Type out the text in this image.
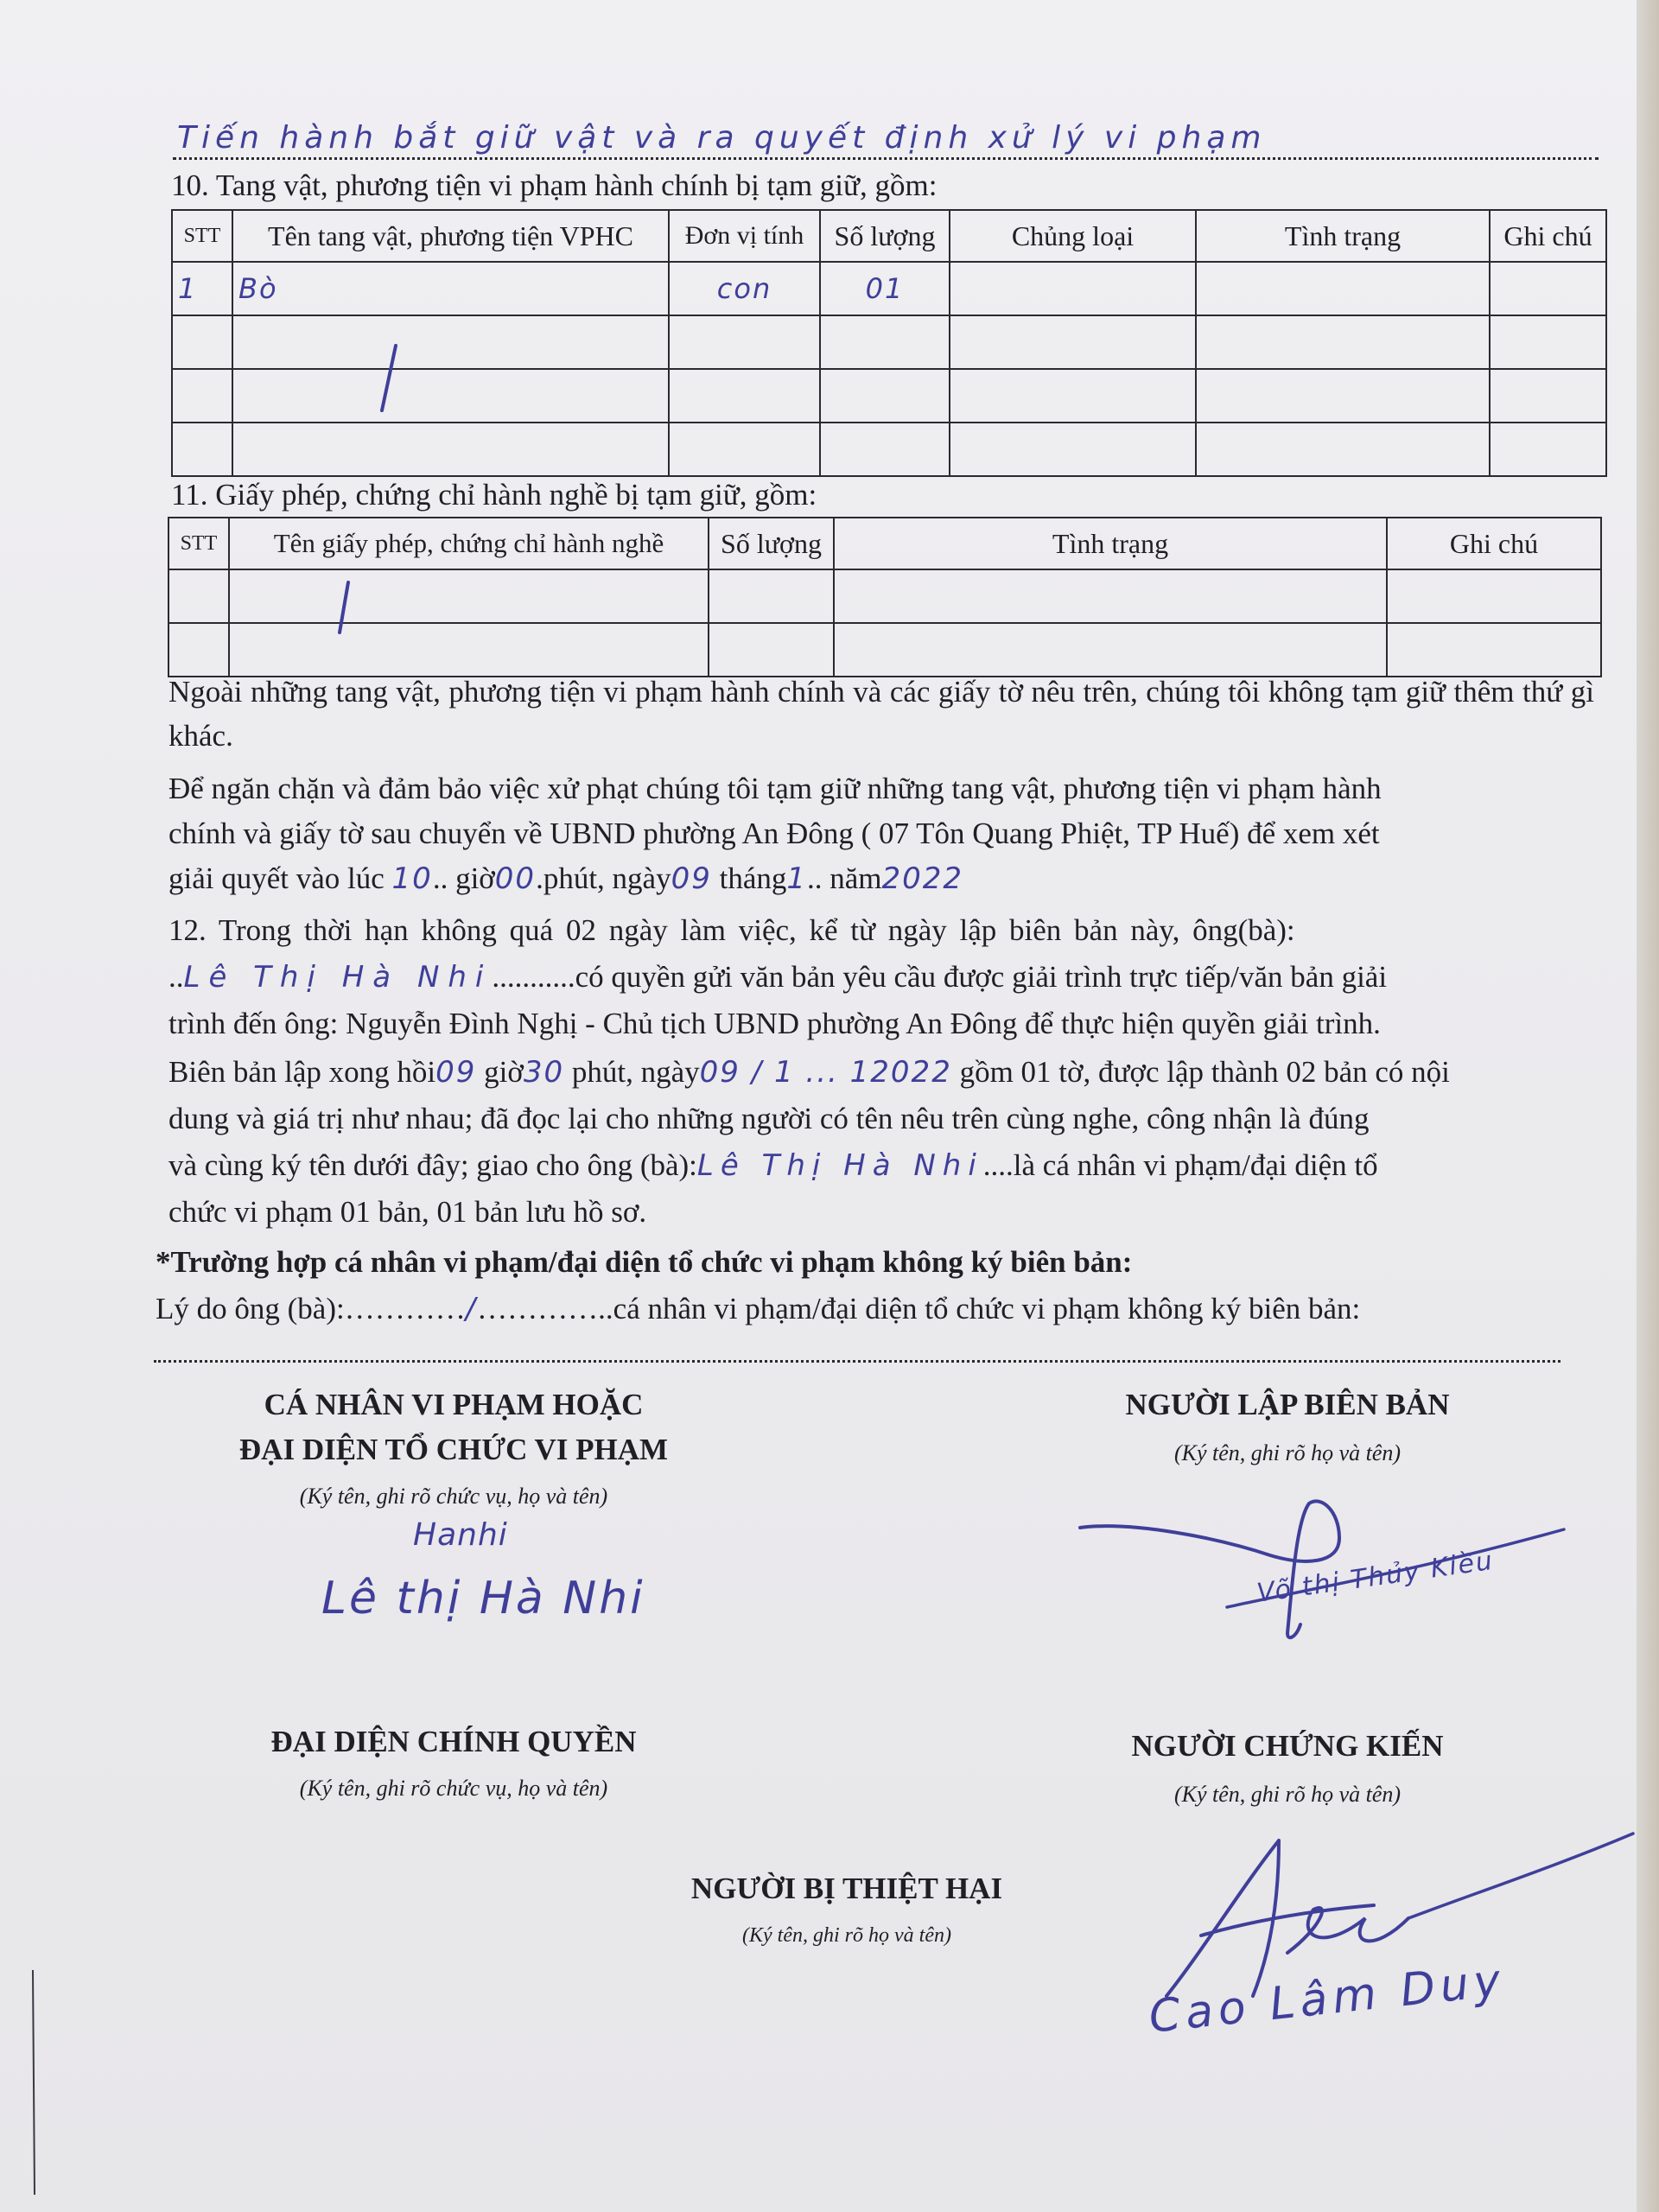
Tiến hành bắt giữ vật và ra quyết định xử lý vi phạm
10. Tang vật, phương tiện vi phạm hành chính bị tạm giữ, gồm:
STT	Tên tang vật, phương tiện VPHC	Đơn vị tính	Số lượng	Chủng loại	Tình trạng	Ghi chú
1	Bò	con	01			

11. Giấy phép, chứng chỉ hành nghề bị tạm giữ, gồm:
STT	Tên giấy phép, chứng chỉ hành nghề	Số lượng	Tình trạng	Ghi chú

Ngoài những tang vật, phương tiện vi phạm hành chính và các giấy tờ nêu trên, chúng tôi không tạm giữ thêm thứ gì khác.

Để ngăn chặn và đảm bảo việc xử phạt chúng tôi tạm giữ những tang vật, phương tiện vi phạm hành
chính và giấy tờ sau chuyển về UBND phường An Đông ( 07 Tôn Quang Phiệt, TP Huế) để xem xét
giải quyết vào lúc 10.. giờ00.phút, ngày09 tháng1.. năm2022
12. Trong thời hạn không quá 02 ngày làm việc, kể từ ngày lập biên bản này, ông(bà):
..Lê Thị Hà Nhi...........có quyền gửi văn bản yêu cầu được giải trình trực tiếp/văn bản giải
trình đến ông: Nguyễn Đình Nghị - Chủ tịch UBND phường An Đông để thực hiện quyền giải trình.
Biên bản lập xong hồi09 giờ30 phút, ngày09 / 1 ... 12022 gồm 01 tờ, được lập thành 02 bản có nội
dung và giá trị như nhau; đã đọc lại cho những người có tên nêu trên cùng nghe, công nhận là đúng
và cùng ký tên dưới đây; giao cho ông (bà):Lê Thị Hà Nhi....là cá nhân vi phạm/đại diện tổ
chức vi phạm 01 bản, 01 bản lưu hồ sơ.
*Trường hợp cá nhân vi phạm/đại diện tổ chức vi phạm không ký biên bản:
Lý do ông (bà):…………/…………..cá nhân vi phạm/đại diện tổ chức vi phạm không ký biên bản:
CÁ NHÂN VI PHẠM HOẶC
ĐẠI DIỆN TỔ CHỨC VI PHẠM
(Ký tên, ghi rõ chức vụ, họ và tên)
Hanhi
Lê thị Hà Nhi
NGƯỜI LẬP BIÊN BẢN
(Ký tên, ghi rõ họ và tên)
Võ thị Thủy Kiều
ĐẠI DIỆN CHÍNH QUYỀN
(Ký tên, ghi rõ chức vụ, họ và tên)
NGƯỜI CHỨNG KIẾN
(Ký tên, ghi rõ họ và tên)
Cao Lâm Duy
NGƯỜI BỊ THIỆT HẠI
(Ký tên, ghi rõ họ và tên)
